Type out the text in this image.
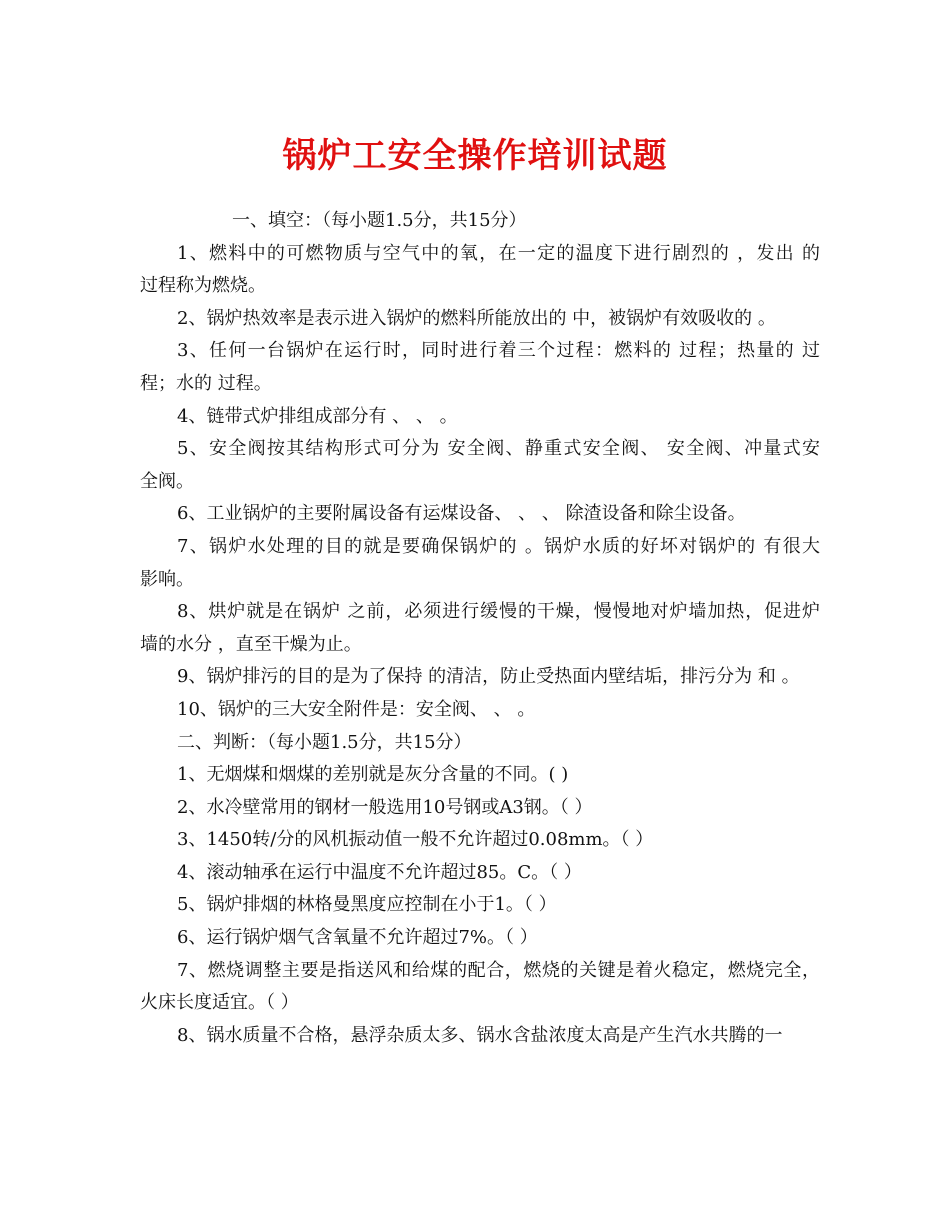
锅炉工安全操作培训试题
一、填空：（每小题1.5分，共15分）
1、燃料中的可燃物质与空气中的氧，在一定的温度下进行剧烈的 ，发出 的
过程称为燃烧。
2、锅炉热效率是表示进入锅炉的燃料所能放出的 中，被锅炉有效吸收的 。
3、任何一台锅炉在运行时，同时进行着三个过程：燃料的 过程；热量的 过
程；水的 过程。
4、链带式炉排组成部分有 、 、 。
5、安全阀按其结构形式可分为 安全阀、静重式安全阀、 安全阀、冲量式安
全阀。
6、工业锅炉的主要附属设备有运煤设备、 、 、 除渣设备和除尘设备。
7、锅炉水处理的目的就是要确保锅炉的 。锅炉水质的好坏对锅炉的 有很大
影响。
8、烘炉就是在锅炉 之前，必须进行缓慢的干燥，慢慢地对炉墙加热，促进炉
墙的水分 ，直至干燥为止。
9、锅炉排污的目的是为了保持 的清洁，防止受热面内壁结垢，排污分为 和 。
10、锅炉的三大安全附件是：安全阀、 、 。
二、判断：（每小题1.5分，共15分）
1、无烟煤和烟煤的差别就是灰分含量的不同。( )
2、水冷壁常用的钢材一般选用10号钢或A3钢。（ ）
3、1450转/分的风机振动值一般不允许超过0.08mm。（ ）
4、滚动轴承在运行中温度不允许超过85。C。（ ）
5、锅炉排烟的林格曼黑度应控制在小于1。（ ）
6、运行锅炉烟气含氧量不允许超过7%。（ ）
7、燃烧调整主要是指送风和给煤的配合，燃烧的关键是着火稳定，燃烧完全，
火床长度适宜。（ ）
8、锅水质量不合格，悬浮杂质太多、锅水含盐浓度太高是产生汽水共腾的一
